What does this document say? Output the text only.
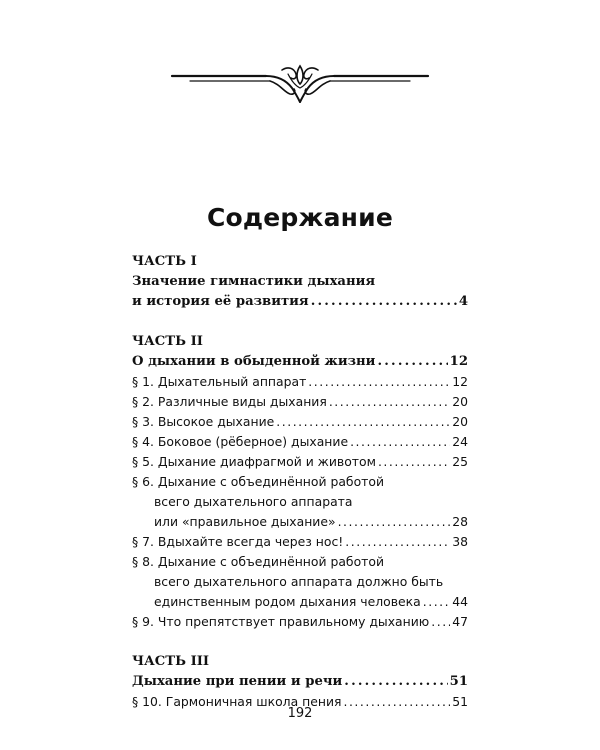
Содержание
ЧАСТЬ I
Значение гимнастики дыхания
и история её развития . . .	4
ЧАСТЬ II
О дыхании в обыденной жизни . . .	12
§ 1. Дыхательный аппарат . . .	12
§ 2. Различные виды дыхания . . .	20
§ 3. Высокое дыхание . . .	20
§ 4. Боковое (рёберное) дыхание . . .	24
§ 5. Дыхание диафрагмой и животом . . .	25
§ 6. Дыхание с объединённой работой
всего дыхательного аппарата
или «правильное дыхание» . . .	28
§ 7. Вдыхайте всегда через нос! . . .	38
§ 8. Дыхание с объединённой работой
всего дыхательного аппарата должно быть
единственным родом дыхания человека . . .	44
§ 9. Что препятствует правильному дыханию . . . 47
ЧАСТЬ III
Дыхание при пении и речи . . .	51
§ 10. Гармоничная школа пения . . .	51
192
